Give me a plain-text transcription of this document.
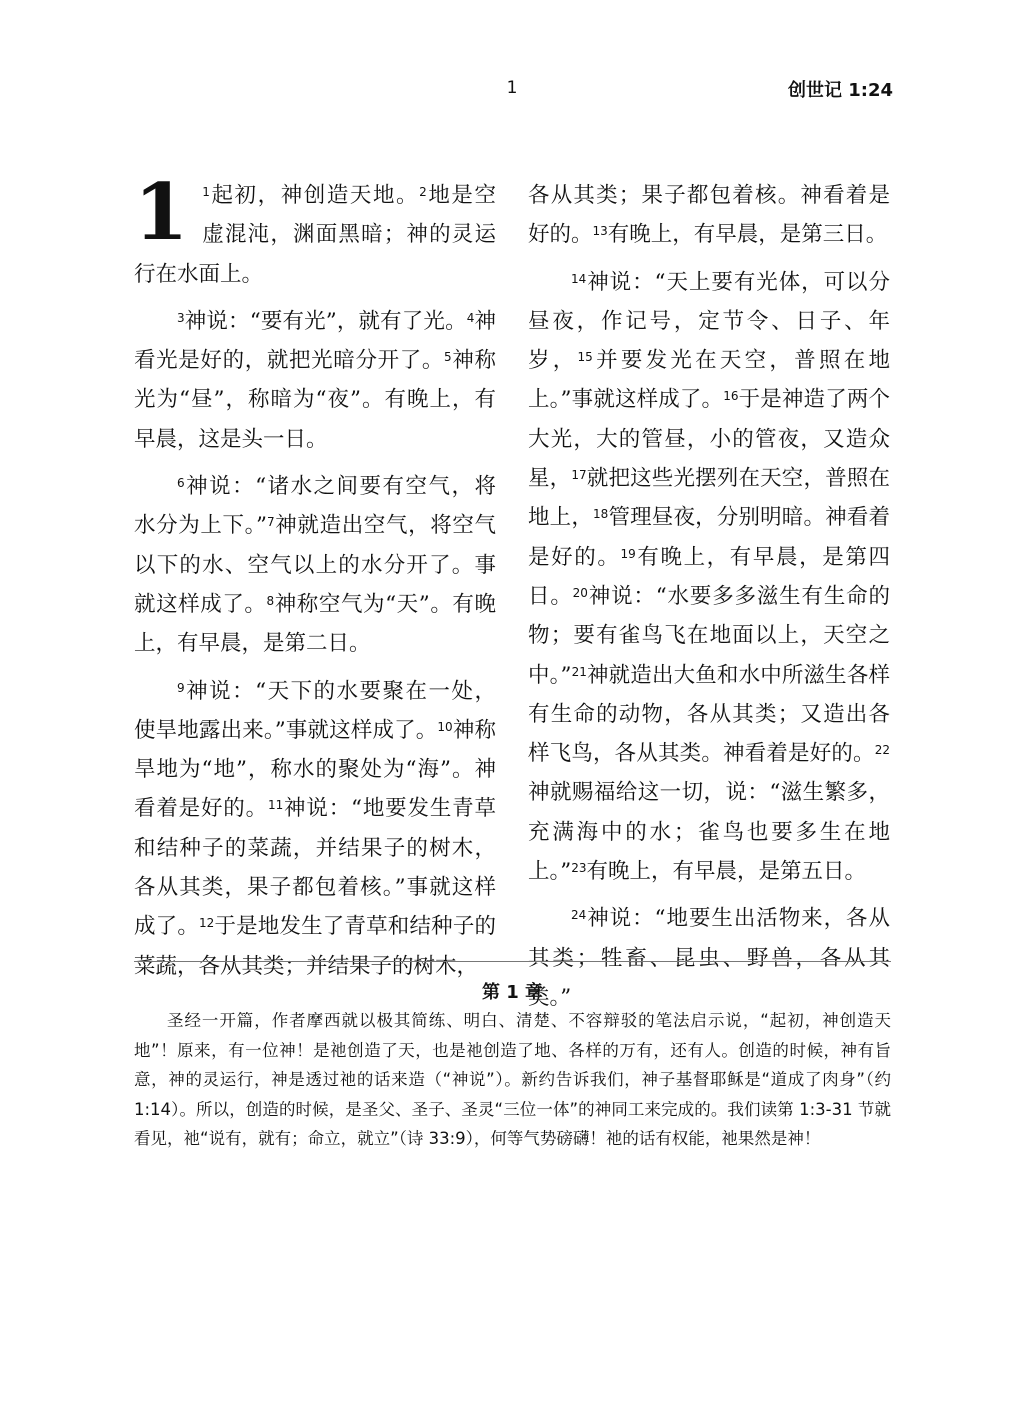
1	创世记 1:24

1 $^1$起初，神创造天地。$^2$地是空虚混沌，渊面黑暗；神的灵运行在水面上。

$^3$神说：“要有光”，就有了光。$^4$神看光是好的，就把光暗分开了。$^5$神称光为“昼”，称暗为“夜”。有晚上，有早晨，这是头一日。

$^6$神说：“诸水之间要有空气，将水分为上下。”$^7$神就造出空气，将空气以下的水、空气以上的水分开了。事就这样成了。$^8$神称空气为“天”。有晚上，有早晨，是第二日。

$^9$神说：“天下的水要聚在一处，使旱地露出来。”事就这样成了。$^{10}$神称旱地为“地”，称水的聚处为“海”。神看着是好的。$^{11}$神说：“地要发生青草和结种子的菜蔬，并结果子的树木，各从其类，果子都包着核。”事就这样成了。$^{12}$于是地发生了青草和结种子的菜蔬，各从其类；并结果子的树木，

各从其类；果子都包着核。神看着是好的。$^{13}$有晚上，有早晨，是第三日。

$^{14}$神说：“天上要有光体，可以分昼夜，作记号，定节令、日子、年岁，$^{15}$并要发光在天空，普照在地上。”事就这样成了。$^{16}$于是神造了两个大光，大的管昼，小的管夜，又造众星，$^{17}$就把这些光摆列在天空，普照在地上，$^{18}$管理昼夜，分别明暗。神看着是好的。$^{19}$有晚上，有早晨，是第四日。$^{20}$神说：“水要多多滋生有生命的物；要有雀鸟飞在地面以上，天空之中。”$^{21}$神就造出大鱼和水中所滋生各样有生命的动物，各从其类；又造出各样飞鸟，各从其类。神看着是好的。$^{22}$神就赐福给这一切，说：“滋生繁多，充满海中的水；雀鸟也要多生在地上。”$^{23}$有晚上，有早晨，是第五日。

$^{24}$神说：“地要生出活物来，各从其类；牲畜、昆虫、野兽，各从其类。”

第 1 章

圣经一开篇，作者摩西就以极其简练、明白、清楚、不容辩驳的笔法启示说，“起初，神创造天地”！原来，有一位神！是祂创造了天，也是祂创造了地、各样的万有，还有人。创造的时候，神有旨意，神的灵运行，神是透过祂的话来造（“神说”）。新约告诉我们，神子基督耶稣是“道成了肉身”（约 1:14）。所以，创造的时候，是圣父、圣子、圣灵“三位一体”的神同工来完成的。我们读第 1:3-31 节就看见，祂“说有，就有；命立，就立”（诗 33:9），何等气势磅礴！祂的话有权能，祂果然是神！
